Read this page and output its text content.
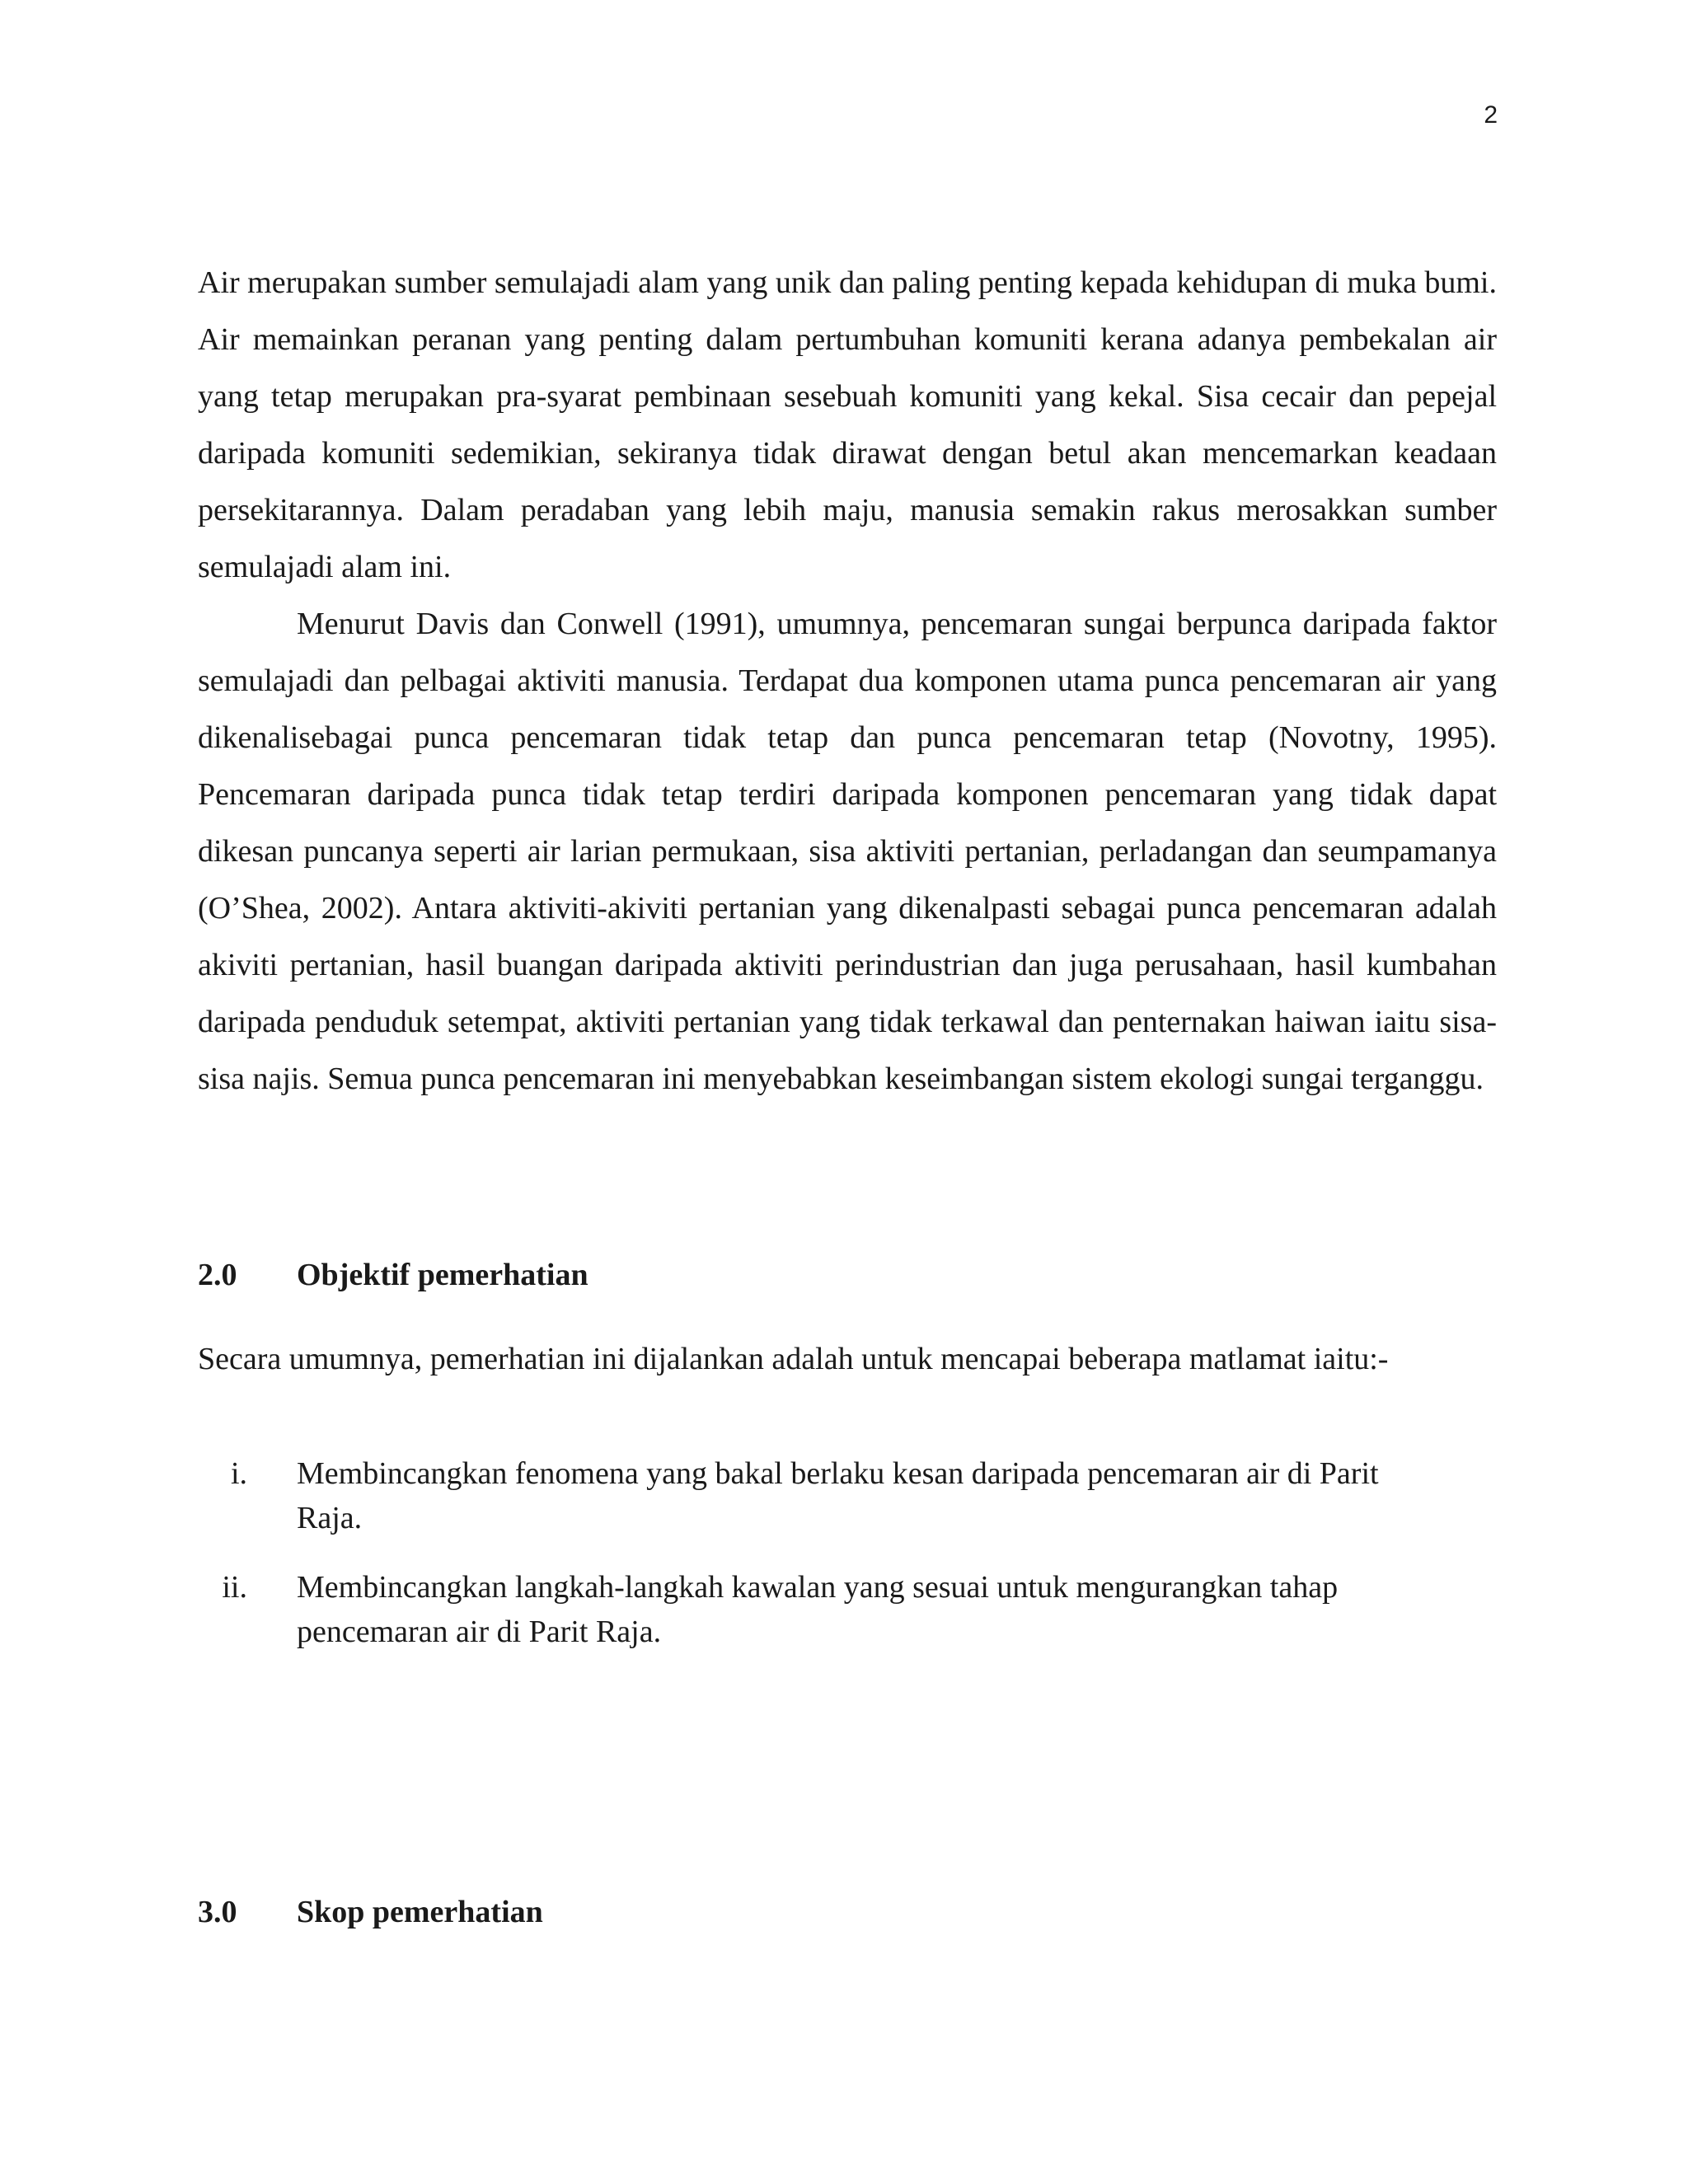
2

Air merupakan sumber semulajadi alam yang unik dan paling penting kepada kehidupan di muka bumi. Air memainkan peranan yang penting dalam pertumbuhan komuniti kerana adanya pembekalan air yang tetap merupakan pra-syarat pembinaan sesebuah komuniti yang kekal. Sisa cecair dan pepejal daripada komuniti sedemikian, sekiranya tidak dirawat dengan betul akan mencemarkan keadaan persekitarannya. Dalam peradaban yang lebih maju, manusia semakin rakus merosakkan sumber semulajadi alam ini.

Menurut Davis dan Conwell (1991), umumnya, pencemaran sungai berpunca daripada faktor semulajadi dan pelbagai aktiviti manusia. Terdapat dua komponen utama punca pencemaran air yang dikenalisebagai punca pencemaran tidak tetap dan punca pencemaran tetap (Novotny, 1995). Pencemaran daripada punca tidak tetap terdiri daripada komponen pencemaran yang tidak dapat dikesan puncanya seperti air larian permukaan, sisa aktiviti pertanian, perladangan dan seumpamanya (O’Shea, 2002). Antara aktiviti-akiviti pertanian yang dikenalpasti sebagai punca pencemaran adalah akiviti pertanian, hasil buangan daripada aktiviti perindustrian dan juga perusahaan, hasil kumbahan daripada penduduk setempat, aktiviti pertanian yang tidak terkawal dan penternakan haiwan iaitu sisa-sisa najis. Semua punca pencemaran ini menyebabkan keseimbangan sistem ekologi sungai terganggu.

2.0 Objektif pemerhatian

Secara umumnya, pemerhatian ini dijalankan adalah untuk mencapai beberapa matlamat iaitu:-

i. Membincangkan fenomena yang bakal berlaku kesan daripada pencemaran air di Parit Raja.
ii. Membincangkan langkah-langkah kawalan yang sesuai untuk mengurangkan tahap pencemaran air di Parit Raja.
3.0 Skop pemerhatian
